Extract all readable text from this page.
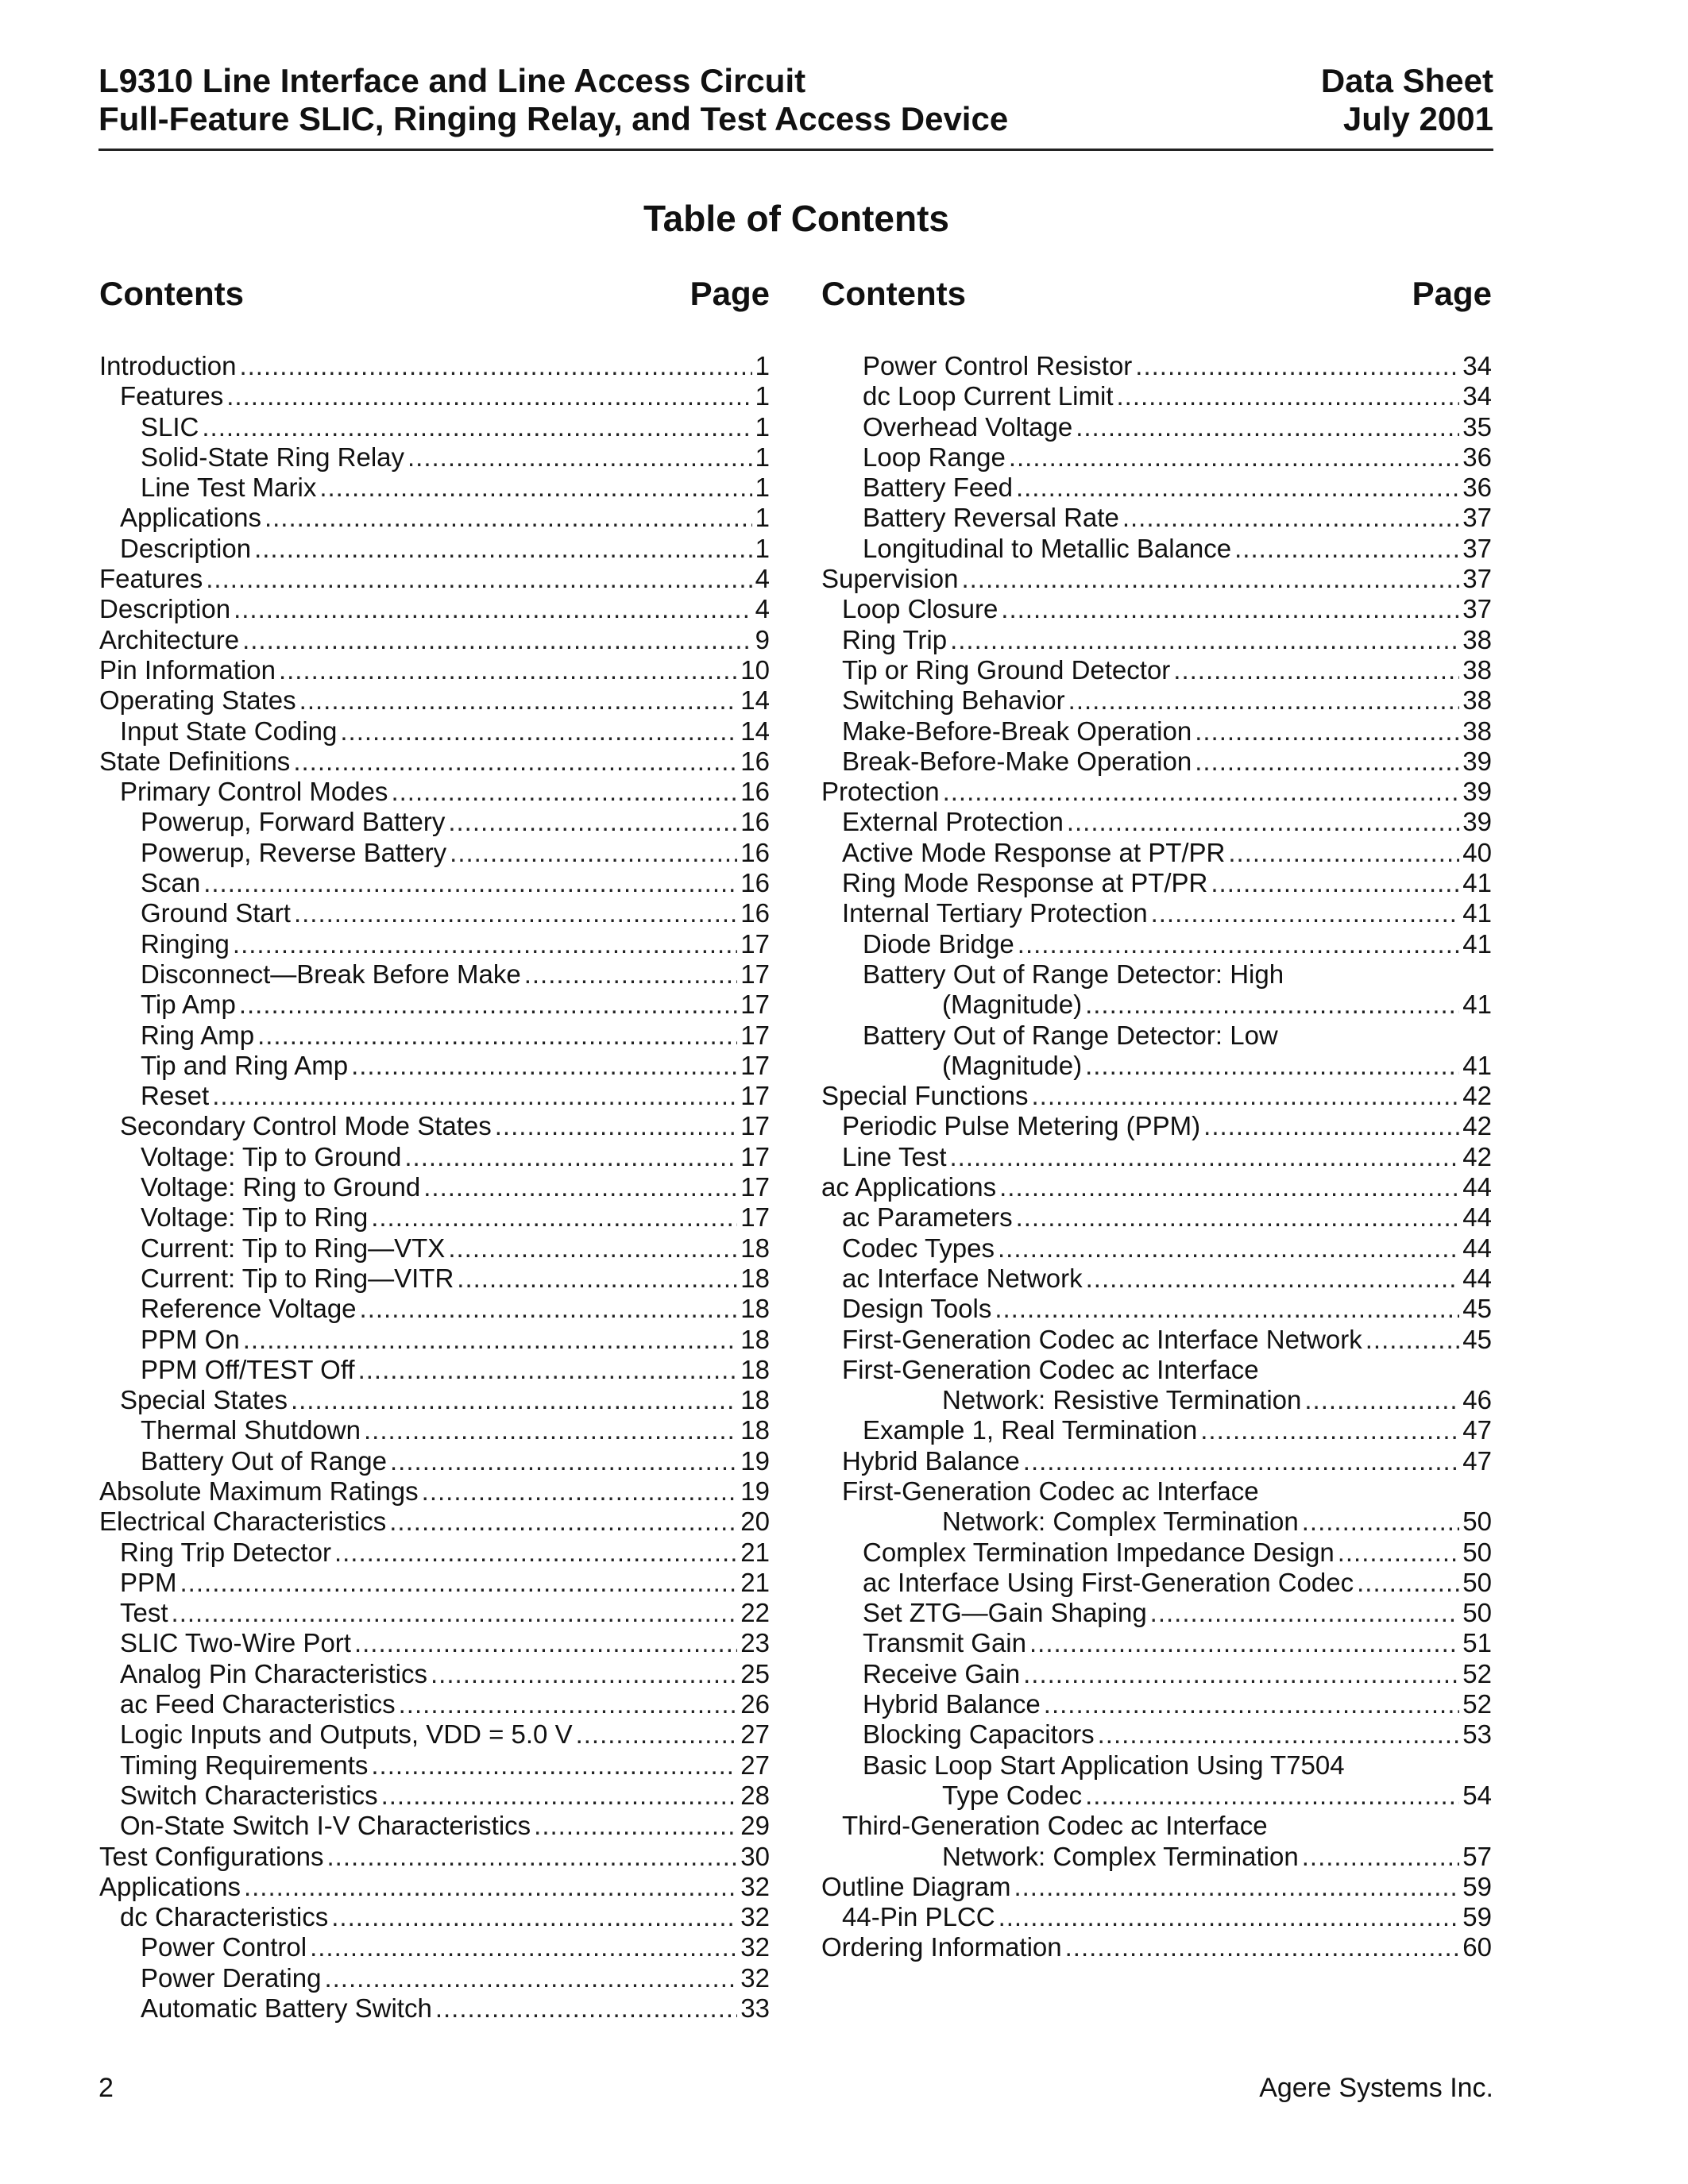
L9310 Line Interface and Line Access Circuit
Full-Feature SLIC, Ringing Relay, and Test Access Device
Data Sheet
July 2001
Table of Contents
Contents	Page
Introduction .....	1
Features .....	1
SLIC .....	1
Solid-State Ring Relay .....	1
Line Test Marix .....	1
Applications .....	1
Description .....	1
Features .....	4
Description .....	4
Architecture .....	9
Pin Information .....	10
Operating States .....	14
Input State Coding .....	14
State Definitions .....	16
Primary Control Modes .....	16
Powerup, Forward Battery .....	16
Powerup, Reverse Battery .....	16
Scan .....	16
Ground Start .....	16
Ringing .....	17
Disconnect—Break Before Make .....	17
Tip Amp .....	17
Ring Amp .....	17
Tip and Ring Amp .....	17
Reset .....	17
Secondary Control Mode States .....	17
Voltage: Tip to Ground .....	17
Voltage: Ring to Ground .....	17
Voltage: Tip to Ring .....	17
Current: Tip to Ring—VTX .....	18
Current: Tip to Ring—VITR .....	18
Reference Voltage .....	18
PPM On .....	18
PPM Off/TEST Off .....	18
Special States .....	18
Thermal Shutdown .....	18
Battery Out of Range .....	19
Absolute Maximum Ratings .....	19
Electrical Characteristics .....	20
Ring Trip Detector .....	21
PPM .....	21
Test .....	22
SLIC Two-Wire Port .....	23
Analog Pin Characteristics .....	25
ac Feed Characteristics .....	26
Logic Inputs and Outputs, VDD = 5.0 V .....	27
Timing Requirements .....	27
Switch Characteristics .....	28
On-State Switch I-V Characteristics .....	29
Test Configurations .....	30
Applications .....	32
dc Characteristics .....	32
Power Control .....	32
Power Derating .....	32
Automatic Battery Switch .....	33
Contents	Page
Power Control Resistor .....	34
dc Loop Current Limit .....	34
Overhead Voltage .....	35
Loop Range .....	36
Battery Feed .....	36
Battery Reversal Rate .....	37
Longitudinal to Metallic Balance .....	37
Supervision .....	37
Loop Closure .....	37
Ring Trip .....	38
Tip or Ring Ground Detector .....	38
Switching Behavior .....	38
Make-Before-Break Operation .....	38
Break-Before-Make Operation .....	39
Protection .....	39
External Protection .....	39
Active Mode Response at PT/PR .....	40
Ring Mode Response at PT/PR .....	41
Internal Tertiary Protection .....	41
Diode Bridge .....	41
Battery Out of Range Detector: High
(Magnitude) .....	41
Battery Out of Range Detector: Low
(Magnitude) .....	41
Special Functions .....	42
Periodic Pulse Metering (PPM) .....	42
Line Test .....	42
ac Applications .....	44
ac Parameters .....	44
Codec Types .....	44
ac Interface Network .....	44
Design Tools .....	45
First-Generation Codec ac Interface Network .....	45
First-Generation Codec ac Interface
Network: Resistive Termination .....	46
Example 1, Real Termination .....	47
Hybrid Balance .....	47
First-Generation Codec ac Interface
Network: Complex Termination .....	50
Complex Termination Impedance Design .....	50
ac Interface Using First-Generation Codec .....	50
Set ZTG—Gain Shaping .....	50
Transmit Gain .....	51
Receive Gain .....	52
Hybrid Balance .....	52
Blocking Capacitors .....	53
Basic Loop Start Application Using T7504
Type Codec .....	54
Third-Generation Codec ac Interface
Network: Complex Termination .....	57
Outline Diagram .....	59
44-Pin PLCC .....	59
Ordering Information .....	60
2	Agere Systems Inc.
